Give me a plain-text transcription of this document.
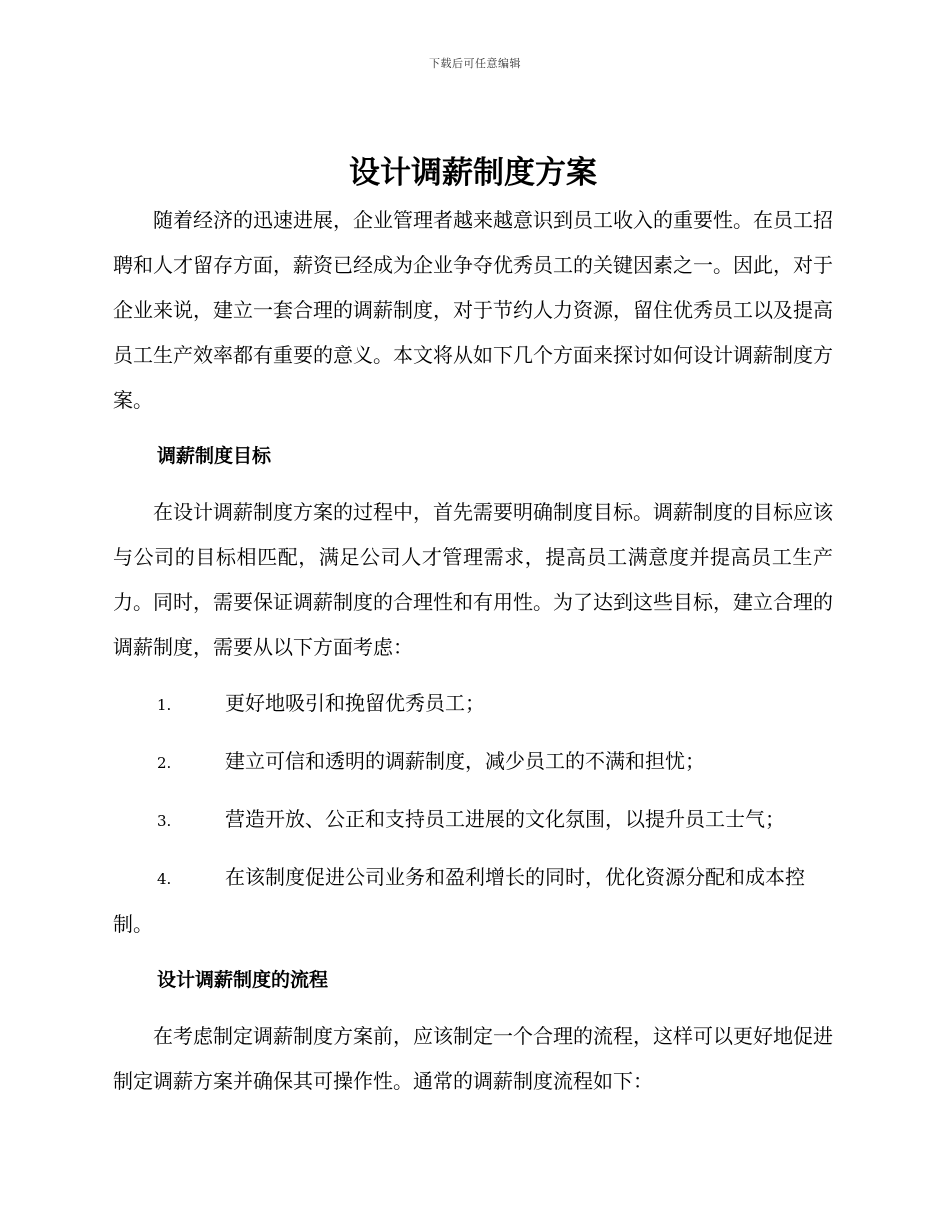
下载后可任意编辑
设计调薪制度方案

随着经济的迅速进展，企业管理者越来越意识到员工收入的重要性。在员工招聘和人才留存方面，薪资已经成为企业争夺优秀员工的关键因素之一。因此，对于企业来说，建立一套合理的调薪制度，对于节约人力资源，留住优秀员工以及提高员工生产效率都有重要的意义。本文将从如下几个方面来探讨如何设计调薪制度方案。

调薪制度目标

在设计调薪制度方案的过程中，首先需要明确制度目标。调薪制度的目标应该与公司的目标相匹配，满足公司人才管理需求，提高员工满意度并提高员工生产力。同时，需要保证调薪制度的合理性和有用性。为了达到这些目标，建立合理的调薪制度，需要从以下方面考虑：

1.	更好地吸引和挽留优秀员工；
2.	建立可信和透明的调薪制度，减少员工的不满和担忧；
3.	营造开放、公正和支持员工进展的文化氛围，以提升员工士气；
4.	在该制度促进公司业务和盈利增长的同时，优化资源分配和成本控制。
设计调薪制度的流程

在考虑制定调薪制度方案前，应该制定一个合理的流程，这样可以更好地促进制定调薪方案并确保其可操作性。通常的调薪制度流程如下：
